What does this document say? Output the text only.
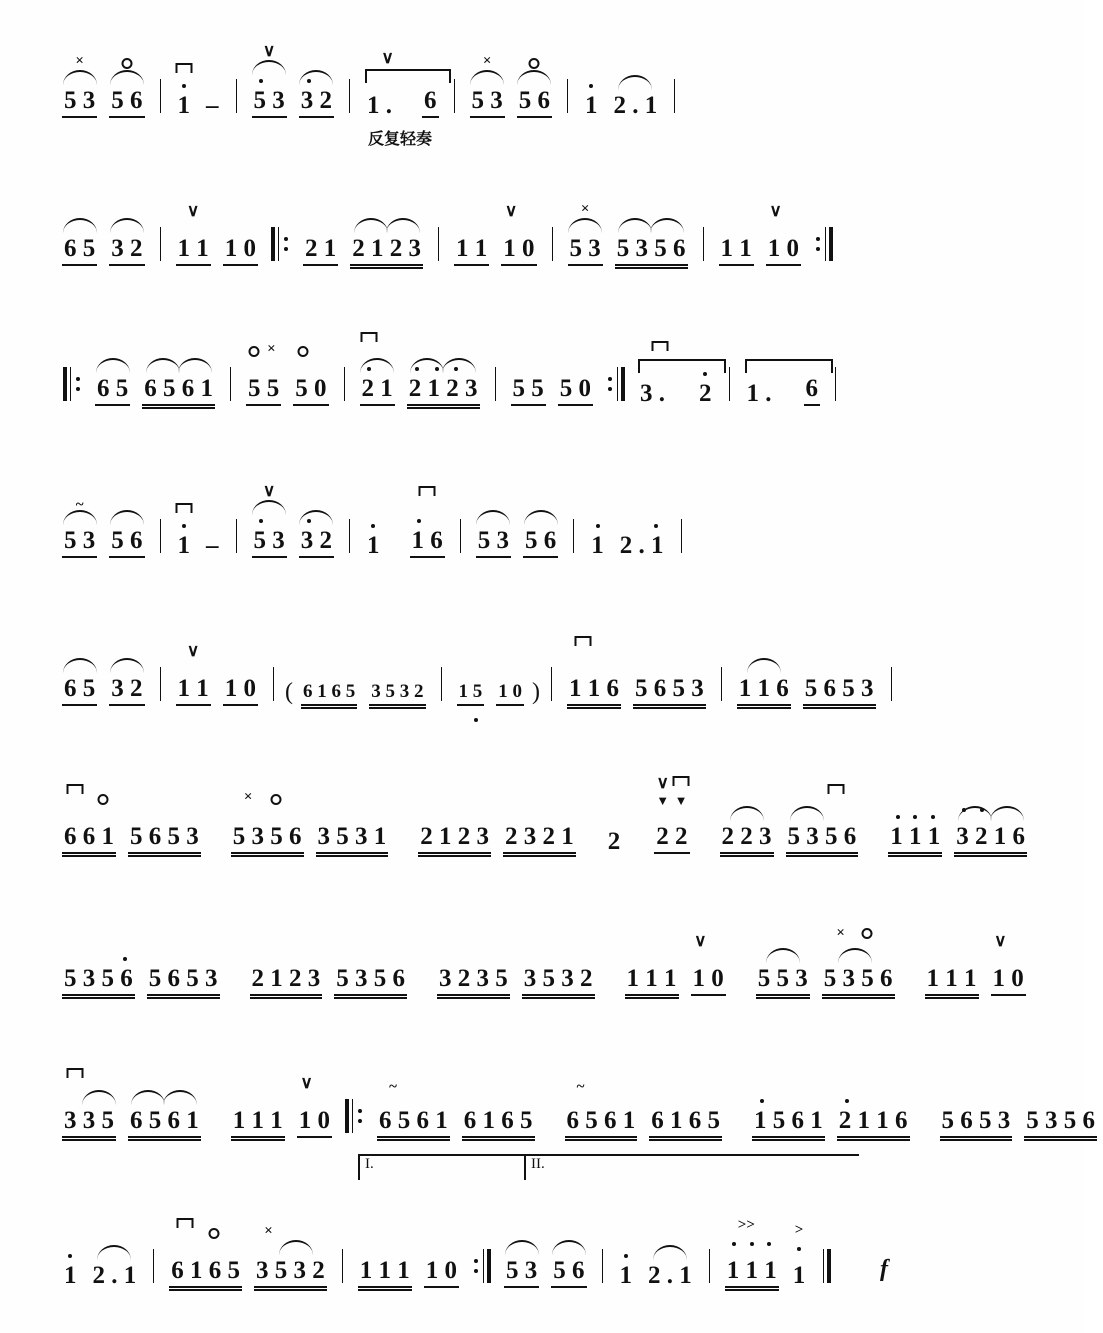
×
5 3 5 6 1 –
∨
5 3 3 2
∨
1 . 6
×
5 3 5 6 1 2 . 1
反复轻奏
6 5 3 2
∨
1 1 1 0 2 1 2 1 2 3 1 1
∨
1 0
×
5 3 5 3 5 6 1 1
∨
1 0
6 5 6 5 6 1
×
5 5 5 0 2 1 2 1 2 3 5 5 5 0 3 . 2 1 . 6
~
5 3 5 6 1 –
∨
5 3 3 2 1 1 6 5 3 5 6 1 2 . 1
6 5 3 2
∨
1 1 1 0 ( 6 1 6 5 3 5 3 2 1 5 1 0 ) 1 1 6 5 6 5 3 1 1 6 5 6 5 3
6 6 1 5 6 5 3
×
5 3 5 6 3 5 3 1 2 1 2 3 2 3 2 1 2
∨
▼ ▼
2 2 2 2 3 5 3 5 6 1 1 1 3 2 1 6
5 3 5 6 5 6 5 3 2 1 2 3 5 3 5 6 3 2 3 5 3 5 3 2 1 1 1
∨
1 0 5 5 3
×
5 3 5 6 1 1 1
∨
1 0
3 3 5 6 5 6 1 1 1 1
∨
1 0
~
6 5 6 1 6 1 6 5
~
6 5 6 1 6 1 6 5 1 5 6 1 2 1 1 6 5 6 5 3 5 3 5 6
I.	II.
f
1 2 . 1 6 1 6 5
×
3 5 3 2 1 1 1 1 0 5 3 5 6 1 2 . 1
>>
1 1 1
>
1
